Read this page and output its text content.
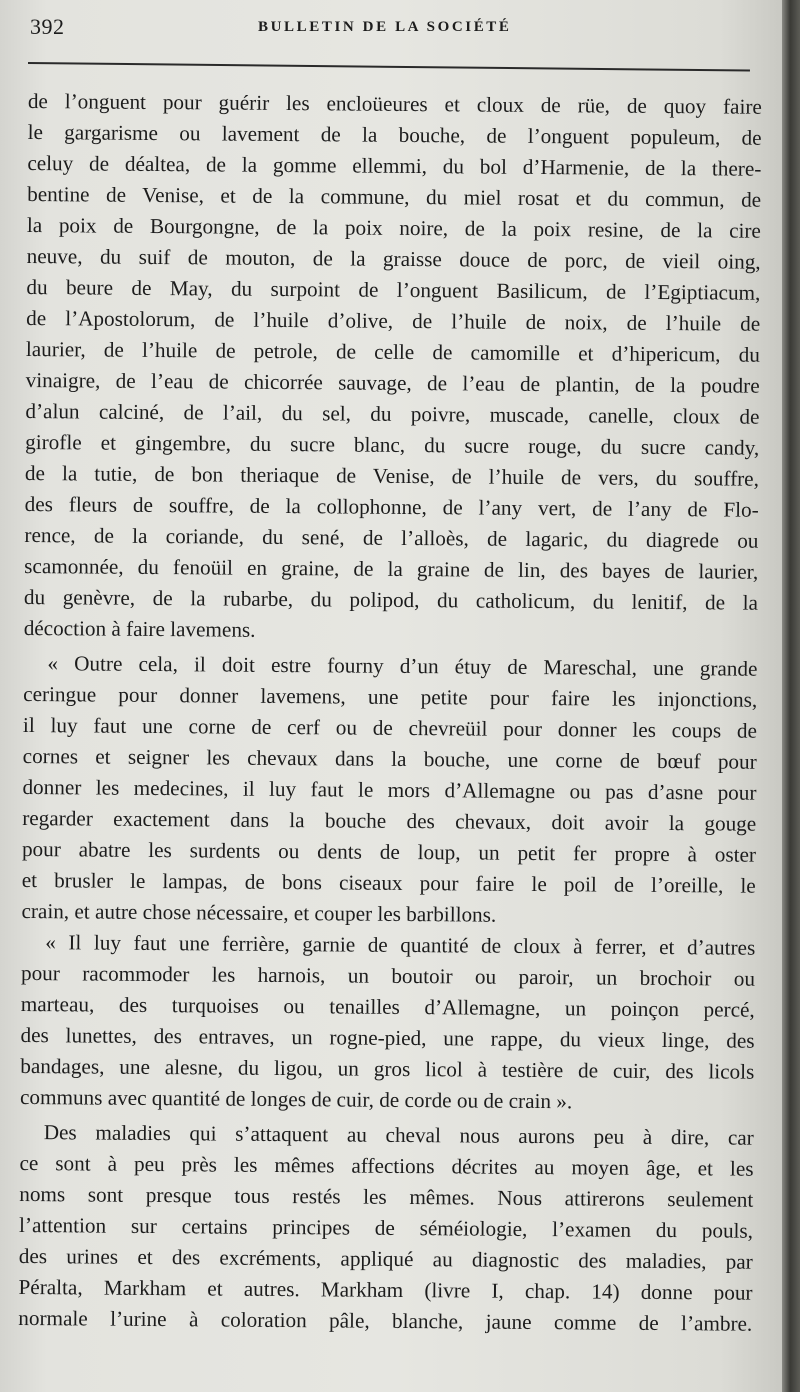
392	BULLETIN DE LA SOCIÉTÉ
de l’onguent pour guérir les encloüeures et cloux de rüe, de quoy faire
le gargarisme ou lavement de la bouche, de l’onguent populeum, de
celuy de déaltea, de la gomme ellemmi, du bol d’Harmenie, de la there-
bentine de Venise, et de la commune, du miel rosat et du commun, de
la poix de Bourgongne, de la poix noire, de la poix resine, de la cire
neuve, du suif de mouton, de la graisse douce de porc, de vieil oing,
du beure de May, du surpoint de l’onguent Basilicum, de l’Egiptiacum,
de l’Apostolorum, de l’huile d’olive, de l’huile de noix, de l’huile de
laurier, de l’huile de petrole, de celle de camomille et d’hipericum, du
vinaigre, de l’eau de chicorrée sauvage, de l’eau de plantin, de la poudre
d’alun calciné, de l’ail, du sel, du poivre, muscade, canelle, cloux de
girofle et gingembre, du sucre blanc, du sucre rouge, du sucre candy,
de la tutie, de bon theriaque de Venise, de l’huile de vers, du souffre,
des fleurs de souffre, de la collophonne, de l’any vert, de l’any de Flo-
rence, de la coriande, du sené, de l’alloès, de lagaric, du diagrede ou
scamonnée, du fenoüil en graine, de la graine de lin, des bayes de laurier,
du genèvre, de la rubarbe, du polipod, du catholicum, du lenitif, de la
décoction à faire lavemens.
« Outre cela, il doit estre fourny d’un étuy de Mareschal, une grande
ceringue pour donner lavemens, une petite pour faire les injonctions,
il luy faut une corne de cerf ou de chevreüil pour donner les coups de
cornes et seigner les chevaux dans la bouche, une corne de bœuf pour
donner les medecines, il luy faut le mors d’Allemagne ou pas d’asne pour
regarder exactement dans la bouche des chevaux, doit avoir la gouge
pour abatre les surdents ou dents de loup, un petit fer propre à oster
et brusler le lampas, de bons ciseaux pour faire le poil de l’oreille, le
crain, et autre chose nécessaire, et couper les barbillons.
« Il luy faut une ferrière, garnie de quantité de cloux à ferrer, et d’autres
pour racommoder les harnois, un boutoir ou paroir, un brochoir ou
marteau, des turquoises ou tenailles d’Allemagne, un poinçon percé,
des lunettes, des entraves, un rogne-pied, une rappe, du vieux linge, des
bandages, une alesne, du ligou, un gros licol à testière de cuir, des licols
communs avec quantité de longes de cuir, de corde ou de crain ».
Des maladies qui s’attaquent au cheval nous aurons peu à dire, car
ce sont à peu près les mêmes affections décrites au moyen âge, et les
noms sont presque tous restés les mêmes. Nous attirerons seulement
l’attention sur certains principes de séméiologie, l’examen du pouls,
des urines et des excréments, appliqué au diagnostic des maladies, par
Péralta, Markham et autres. Markham (livre I, chap. 14) donne pour
normale l’urine à coloration pâle, blanche, jaune comme de l’ambre.
